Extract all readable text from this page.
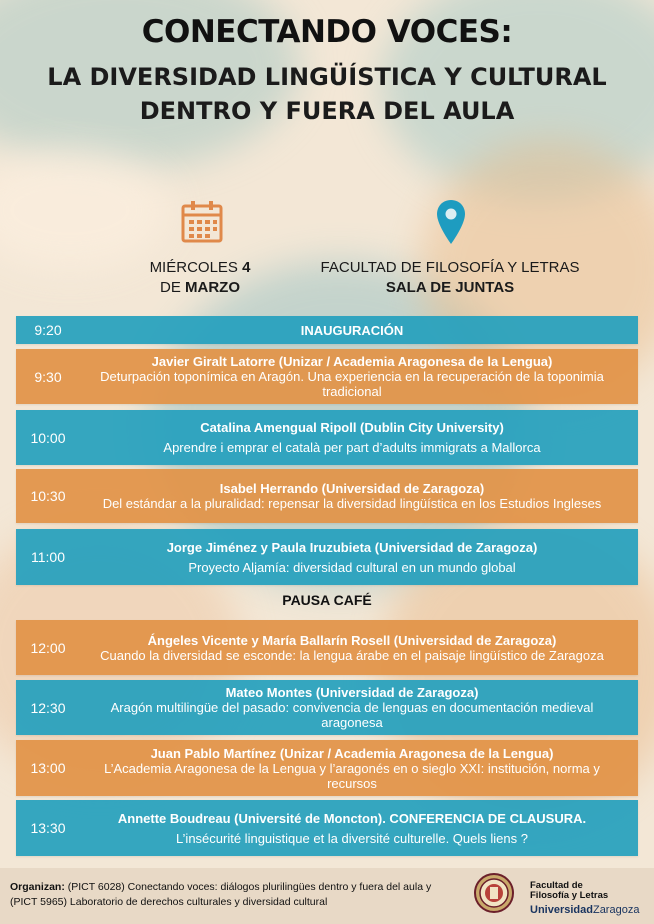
CONECTANDO VOCES:
LA DIVERSIDAD LINGÜÍSTICA Y CULTURAL
DENTRO Y FUERA DEL AULA
MIÉRCOLES 4
DE MARZO
FACULTAD DE FILOSOFÍA Y LETRAS
SALA DE JUNTAS
9:20	INAUGURACIÓN
9:30
Javier Giralt Latorre (Unizar / Academia Aragonesa de la Lengua)
Deturpación toponímica en Aragón. Una experiencia en la recuperación de la toponimia tradicional
10:00
Catalina Amengual Ripoll (Dublin City University)
Aprendre i emprar el català per part d’adults immigrats a Mallorca
10:30	Isabel Herrando (Universidad de Zaragoza)
Del estándar a la pluralidad: repensar la diversidad lingüística en los Estudios Ingleses
11:00
Jorge Jiménez y Paula Iruzubieta (Universidad de Zaragoza)
Proyecto Aljamía: diversidad cultural en un mundo global
PAUSA CAFÉ
12:00	Ángeles Vicente y María Ballarín Rosell (Universidad de Zaragoza)
Cuando la diversidad se esconde: la lengua árabe en el paisaje lingüístico de Zaragoza
12:30
Mateo Montes (Universidad de Zaragoza)
Aragón multilingüe del pasado: convivencia de lenguas en documentación medieval aragonesa
13:00
Juan Pablo Martínez (Unizar / Academia Aragonesa de la Lengua)
L’Academia Aragonesa de la Lengua y l’aragonés en o sieglo XXI: institución, norma y recursos
13:30
Annette Boudreau (Université de Moncton). CONFERENCIA DE CLAUSURA.
L’insécurité linguistique et la diversité culturelle. Quels liens ?
Organizan: (PICT 6028) Conectando voces: diálogos plurilingües dentro y fuera del aula y (PICT 5965) Laboratorio de derechos culturales y diversidad cultural
Facultad de
Filosofía y Letras
UniversidadZaragoza
